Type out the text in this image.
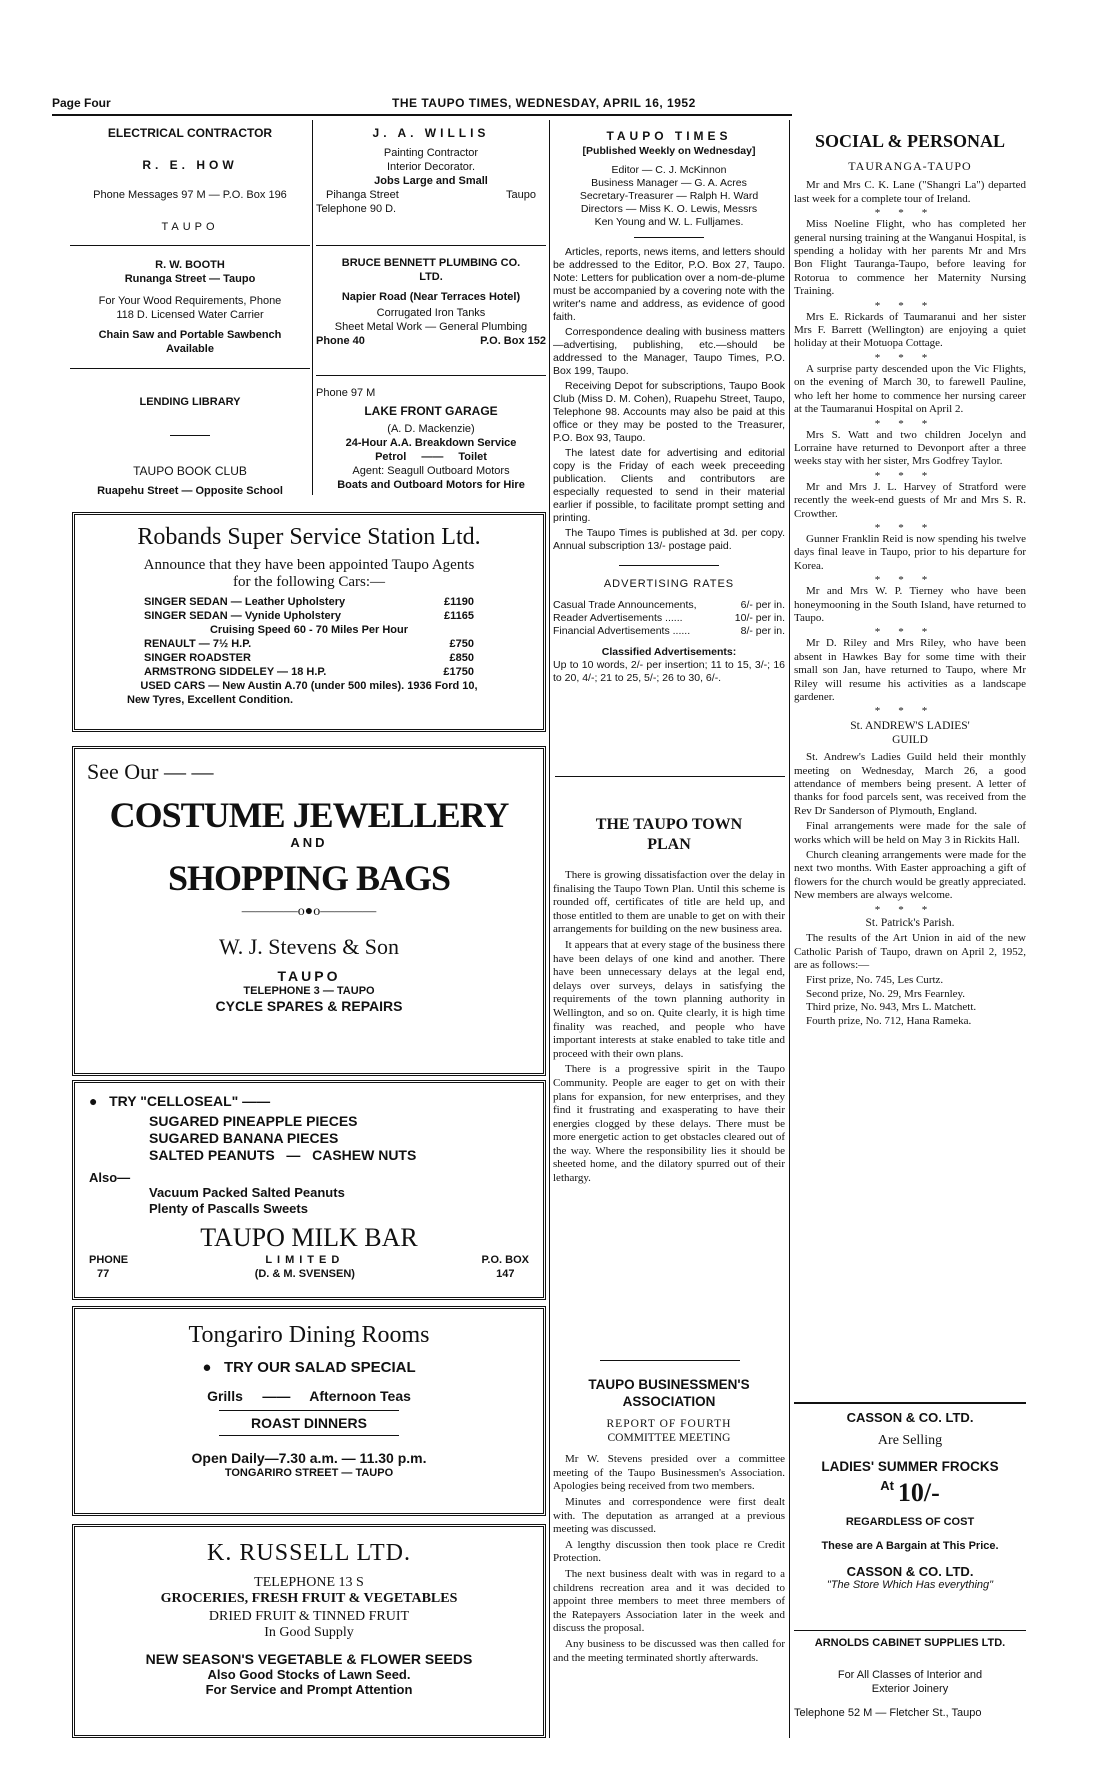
Page Four	THE TAUPO TIMES, WEDNESDAY, APRIL 16, 1952
ELECTRICAL CONTRACTOR
R. E. HOW
Phone Messages 97 M — P.O. Box 196
TAUPO
R. W. BOOTH
Runanga Street — Taupo
For Your Wood Requirements, Phone
118 D. Licensed Water Carrier
Chain Saw and Portable Sawbench
Available
LENDING LIBRARY
TAUPO BOOK CLUB
Ruapehu Street — Opposite School
J. A. WILLIS
Painting Contractor
Interior Decorator.
Jobs Large and Small
Pihanga Street	Taupo
Telephone 90 D.
BRUCE BENNETT PLUMBING CO.
LTD.
Napier Road (Near Terraces Hotel)
Corrugated Iron Tanks
Sheet Metal Work — General Plumbing
Phone 40	P.O. Box 152
Phone 97 M
LAKE FRONT GARAGE
(A. D. Mackenzie)
24-Hour A.A. Breakdown Service
Petrol —— Toilet
Agent: Seagull Outboard Motors
Boats and Outboard Motors for Hire
Robands Super Service Station Ltd.
Announce that they have been appointed Taupo Agents
for the following Cars:—
SINGER SEDAN — Leather Upholstery	£1190
SINGER SEDAN — Vynide Upholstery	£1165
Cruising Speed 60 - 70 Miles Per Hour
RENAULT — 7½ H.P.	£750
SINGER ROADSTER	£850
ARMSTRONG SIDDELEY — 18 H.P.	£1750
USED CARS — New Austin A.70 (under 500 miles). 1936 Ford 10,
New Tyres, Excellent Condition.
See Our — —
COSTUME JEWELLERY
AND
SHOPPING BAGS
————o●o————
W. J. Stevens & Son
TAUPO
TELEPHONE 3 — TAUPO
CYCLE SPARES & REPAIRS
●   TRY "CELLOSEAL" ——
SUGARED PINEAPPLE PIECES
SUGARED BANANA PIECES
SALTED PEANUTS   —   CASHEW NUTS
Also—
Vacuum Packed Salted Peanuts
Plenty of Pascalls Sweets
TAUPO MILK BAR
PHONE
77
LIMITED
(D. & M. SVENSEN)
P.O. BOX
147
Tongariro Dining Rooms
●   TRY OUR SALAD SPECIAL
Grills     ——     Afternoon Teas
ROAST DINNERS
Open Daily—7.30 a.m. — 11.30 p.m.
TONGARIRO STREET — TAUPO
K. RUSSELL LTD.
TELEPHONE 13 S
GROCERIES, FRESH FRUIT & VEGETABLES
DRIED FRUIT & TINNED FRUIT
In Good Supply
NEW SEASON'S VEGETABLE & FLOWER SEEDS
Also Good Stocks of Lawn Seed.
For Service and Prompt Attention
TAUPO TIMES
[Published Weekly on Wednesday]
Editor — C. J. McKinnon
Business Manager — G. A. Acres
Secretary-Treasurer — Ralph H. Ward
Directors — Miss K. O. Lewis, Messrs
Ken Young and W. L. Fulljames.

Articles, reports, news items, and letters should be addressed to the Editor, P.O. Box 27, Taupo. Note: Letters for publication over a nom-de-plume must be accompanied by a covering note with the writer's name and address, as evidence of good faith.

Correspondence dealing with business matters—advertising, publishing, etc.—should be addressed to the Manager, Taupo Times, P.O. Box 199, Taupo.

Receiving Depot for subscriptions, Taupo Book Club (Miss D. M. Cohen), Ruapehu Street, Taupo, Telephone 98. Accounts may also be paid at this office or they may be posted to the Treasurer, P.O. Box 93, Taupo.

The latest date for advertising and editorial copy is the Friday of each week preceeding publication. Clients and contributors are especially requested to send in their material earlier if possible, to facilitate prompt setting and printing.

The Taupo Times is published at 3d. per copy. Annual subscription 13/- postage paid.

ADVERTISING RATES
Casual Trade Announcements,	6/- per in.
Reader Advertisements ......	10/- per in.
Financial Advertisements ......	8/- per in.
Classified Advertisements:
Up to 10 words, 2/- per insertion; 11 to 15, 3/-; 16 to 20, 4/-; 21 to 25, 5/-; 26 to 30, 6/-.
THE TAUPO TOWN
PLAN

There is growing dissatisfaction over the delay in finalising the Taupo Town Plan. Until this scheme is rounded off, certificates of title are held up, and those entitled to them are unable to get on with their arrangements for building on the new business area.

It appears that at every stage of the business there have been delays of one kind and another. There have been unnecessary delays at the legal end, delays over surveys, delays in satisfying the requirements of the town planning authority in Wellington, and so on. Quite clearly, it is high time finality was reached, and people who have important interests at stake enabled to take title and proceed with their own plans.

There is a progressive spirit in the Taupo Community. People are eager to get on with their plans for expansion, for new enterprises, and they find it frustrating and exasperating to have their energies clogged by these delays. There must be more energetic action to get obstacles cleared out of the way. Where the responsibility lies it should be sheeted home, and the dilatory spurred out of their lethargy.

TAUPO BUSINESSMEN'S
ASSOCIATION
REPORT OF FOURTH
COMMITTEE MEETING

Mr W. Stevens presided over a committee meeting of the Taupo Businessmen's Association. Apologies being received from two members.

Minutes and correspondence were first dealt with. The deputation as arranged at a previous meeting was discussed.

A lengthy discussion then took place re Credit Protection.

The next business dealt with was in regard to a childrens recreation area and it was decided to appoint three members to meet three members of the Ratepayers Association later in the week and discuss the proposal.

Any business to be discussed was then called for and the meeting terminated shortly afterwards.

SOCIAL & PERSONAL
TAURANGA-TAUPO

Mr and Mrs C. K. Lane ("Shangri La") departed last week for a complete tour of Ireland.

***

Miss Noeline Flight, who has completed her general nursing training at the Wanganui Hospital, is spending a holiday with her parents Mr and Mrs Bon Flight Tauranga-Taupo, before leaving for Rotorua to commence her Maternity Nursing Training.

***

Mrs E. Rickards of Taumaranui and her sister Mrs F. Barrett (Wellington) are enjoying a quiet holiday at their Motuopa Cottage.

***

A surprise party descended upon the Vic Flights, on the evening of March 30, to farewell Pauline, who left her home to commence her nursing career at the Taumaranui Hospital on April 2.

***

Mrs S. Watt and two children Jocelyn and Lorraine have returned to Devonport after a three weeks stay with her sister, Mrs Godfrey Taylor.

***

Mr and Mrs J. L. Harvey of Stratford were recently the week-end guests of Mr and Mrs S. R. Crowther.

***

Gunner Franklin Reid is now spending his twelve days final leave in Taupo, prior to his departure for Korea.

***

Mr and Mrs W. P. Tierney who have been honeymooning in the South Island, have returned to Taupo.

***

Mr D. Riley and Mrs Riley, who have been absent in Hawkes Bay for some time with their small son Jan, have returned to Taupo, where Mr Riley will resume his activities as a landscape gardener.

***
St. ANDREW'S LADIES'
GUILD

St. Andrew's Ladies Guild held their monthly meeting on Wednesday, March 26, a good attendance of members being present. A letter of thanks for food parcels sent, was received from the Rev Dr Sanderson of Plymouth, England.

Final arrangements were made for the sale of works which will be held on May 3 in Rickits Hall.

Church cleaning arrangements were made for the next two months. With Easter approaching a gift of flowers for the church would be greatly appreciated. New members are always welcome.

***
St. Patrick's Parish.

The results of the Art Union in aid of the new Catholic Parish of Taupo, drawn on April 2, 1952, are as follows:—

First prize, No. 745, Les Curtz.
Second prize, No. 29, Mrs Fearnley.
Third prize, No. 943, Mrs L. Matchett.
Fourth prize, No. 712, Hana Rameka.
CASSON & CO. LTD.
Are Selling
LADIES' SUMMER FROCKS
$^{At}$ 10/-
REGARDLESS OF COST
These are A Bargain at This Price.
CASSON & CO. LTD.
"The Store Which Has everything"
ARNOLDS CABINET SUPPLIES LTD.
For All Classes of Interior and
Exterior Joinery
Telephone 52 M — Fletcher St., Taupo
